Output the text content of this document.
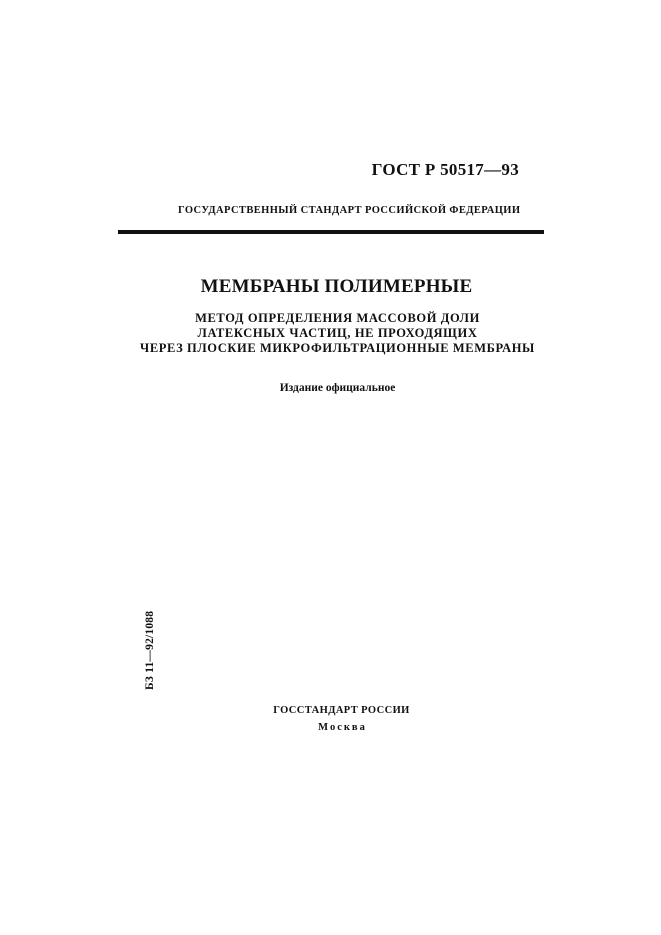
ГОСТ Р 50517—93
ГОСУДАРСТВЕННЫЙ СТАНДАРТ РОССИЙСКОЙ ФЕДЕРАЦИИ
МЕМБРАНЫ ПОЛИМЕРНЫЕ
МЕТОД ОПРЕДЕЛЕНИЯ МАССОВОЙ ДОЛИ
ЛАТЕКСНЫХ ЧАСТИЦ, НЕ ПРОХОДЯЩИХ
ЧЕРЕЗ ПЛОСКИЕ МИКРОФИЛЬТРАЦИОННЫЕ МЕМБРАНЫ
Издание официальное
БЗ 11—92/1088
ГОССТАНДАРТ РОССИИ
Москва
